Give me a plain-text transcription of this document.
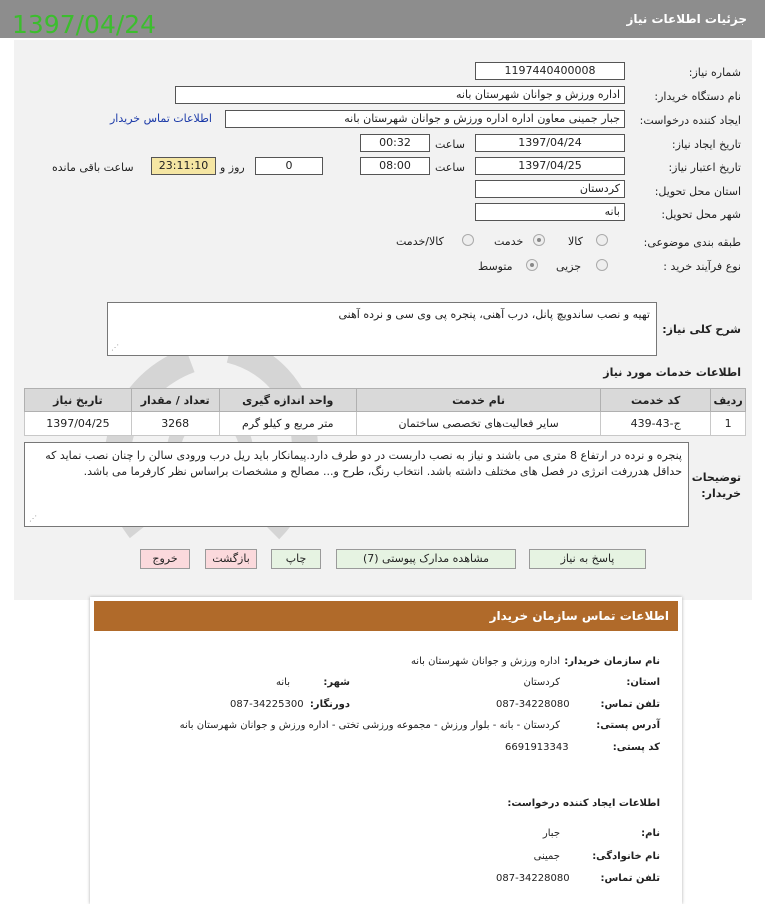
جزئیات اطلاعات نیاز
1397/04/24
شماره نیاز:
1197440400008
نام دستگاه خریدار:
اداره ورزش و جوانان شهرستان بانه
ایجاد کننده درخواست:
جبار جمینی معاون اداره اداره ورزش و جوانان شهرستان بانه
اطلاعات تماس خریدار
تاریخ ایجاد نیاز:
1397/04/24
ساعت
00:32
تاریخ اعتبار نیاز:
1397/04/25
ساعت
08:00
0
روز و
23:11:10
ساعت باقی مانده
استان محل تحویل:
کردستان
شهر محل تحویل:
بانه
طبقه بندی موضوعی:
کالا
خدمت
کالا/خدمت
نوع فرآیند خرید :
جزیی
متوسط
شرح کلی نیاز:
تهیه و نصب ساندویچ پانل، درب آهنی، پنجره پی وی سی و نرده آهنی
⋰
اطلاعات خدمات مورد نیاز
ردیف	کد خدمت	نام خدمت	واحد اندازه گیری	تعداد / مقدار	تاریخ نیاز
1	ج-43-439	سایر فعالیت‌های تخصصی ساختمان	متر مربع و کیلو گرم	3268	1397/04/25
توضیحات خریدار:
پنجره و نرده در ارتفاع 8 متری می باشند و نیاز به نصب داربست در دو طرف دارد.پیمانکار باید ریل درب ورودی سالن را چنان نصب نماید که حداقل هدررفت انرژی در فصل های مختلف داشته باشد. انتخاب رنگ، طرح و... مصالح و مشخصات براساس نظر کارفرما می باشد.
⋰
پاسخ به نیاز
مشاهده مدارک پیوستی (7)
چاپ
بازگشت
خروج
اطلاعات تماس سازمان خریدار
نام سازمان خریدار:
اداره ورزش و جوانان شهرستان بانه
استان:
کردستان
شهر:
بانه
تلفن تماس:
087-34228080
دورنگار:
087-34225300
آدرس پستی:
کردستان - بانه - بلوار ورزش - مجموعه ورزشی تختی - اداره ورزش و جوانان شهرستان بانه
کد پستی:
6691913343
اطلاعات ایجاد کننده درخواست:
نام:
جبار
نام خانوادگی:
جمینی
تلفن تماس:
087-34228080
